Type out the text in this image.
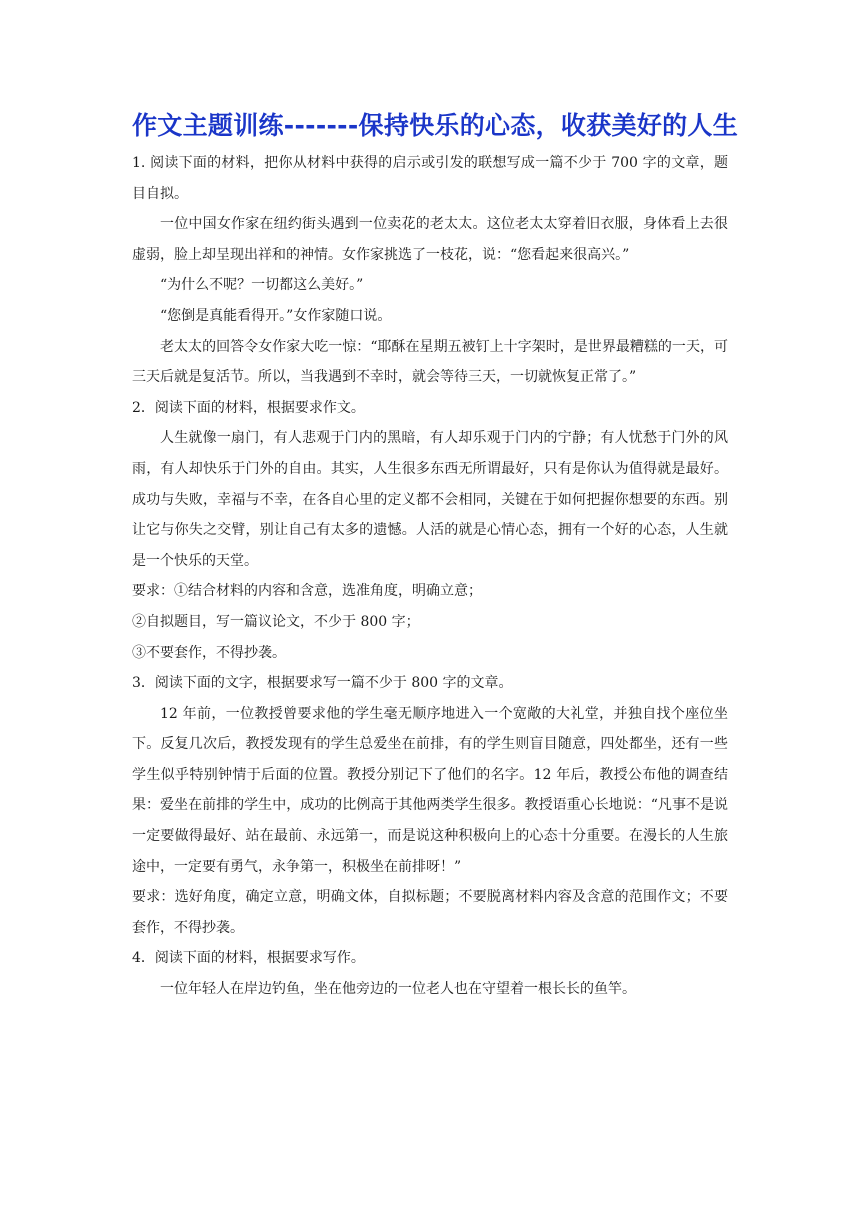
作文主题训练-------保持快乐的心态，收获美好的人生

1. 阅读下面的材料，把你从材料中获得的启示或引发的联想写成一篇不少于 700 字的文章，题目自拟。

一位中国女作家在纽约街头遇到一位卖花的老太太。这位老太太穿着旧衣服，身体看上去很虚弱，脸上却呈现出祥和的神情。女作家挑选了一枝花，说：“您看起来很高兴。”

“为什么不呢？一切都这么美好。”

“您倒是真能看得开。”女作家随口说。

老太太的回答令女作家大吃一惊：“耶酥在星期五被钉上十字架时，是世界最糟糕的一天，可三天后就是复活节。所以，当我遇到不幸时，就会等待三天，一切就恢复正常了。”

2．阅读下面的材料，根据要求作文。

人生就像一扇门，有人悲观于门内的黑暗，有人却乐观于门内的宁静；有人忧愁于门外的风雨，有人却快乐于门外的自由。其实，人生很多东西无所谓最好，只有是你认为值得就是最好。成功与失败，幸福与不幸，在各自心里的定义都不会相同，关键在于如何把握你想要的东西。别让它与你失之交臂，别让自己有太多的遗憾。人活的就是心情心态，拥有一个好的心态，人生就是一个快乐的天堂。

要求：①结合材料的内容和含意，选准角度，明确立意；

②自拟题目，写一篇议论文，不少于 800 字；

③不要套作，不得抄袭。

3．阅读下面的文字，根据要求写一篇不少于 800 字的文章。

12 年前，一位教授曾要求他的学生毫无顺序地进入一个宽敞的大礼堂，并独自找个座位坐下。反复几次后，教授发现有的学生总爱坐在前排，有的学生则盲目随意，四处都坐，还有一些学生似乎特别钟情于后面的位置。教授分别记下了他们的名字。12 年后，教授公布他的调查结果：爱坐在前排的学生中，成功的比例高于其他两类学生很多。教授语重心长地说：“凡事不是说一定要做得最好、站在最前、永远第一，而是说这种积极向上的心态十分重要。在漫长的人生旅途中，一定要有勇气，永争第一，积极坐在前排呀！”

要求：选好角度，确定立意，明确文体，自拟标题；不要脱离材料内容及含意的范围作文；不要套作，不得抄袭。

4．阅读下面的材料，根据要求写作。

一位年轻人在岸边钓鱼，坐在他旁边的一位老人也在守望着一根长长的鱼竿。
